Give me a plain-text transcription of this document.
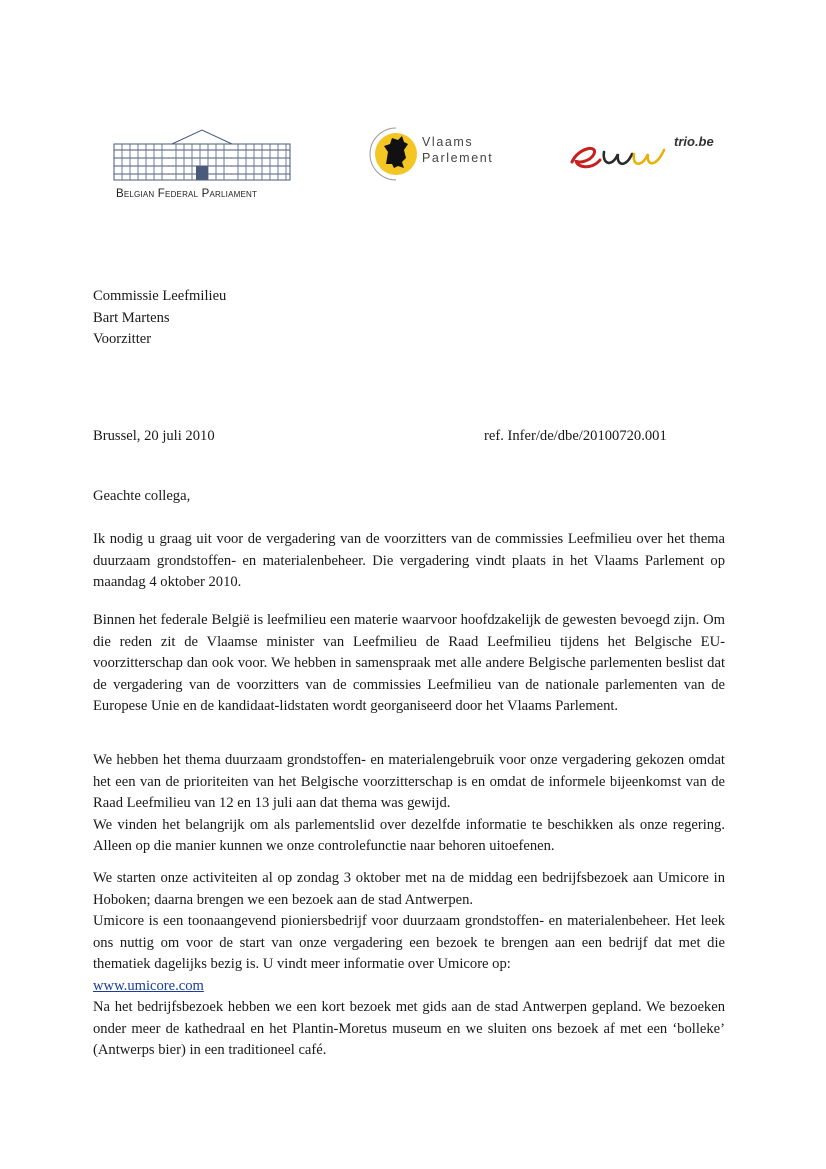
Belgian Federal Parliament
Vlaams
Parlement
trio.be
Commissie Leefmilieu
Bart Martens
Voorzitter
Brussel, 20 juli 2010	ref. Infer/de/dbe/20100720.001
Geachte collega,

Ik nodig u graag uit voor de vergadering van de voorzitters van de commissies Leefmilieu over het thema duurzaam grondstoffen- en materialenbeheer. Die vergadering vindt plaats in het Vlaams Parlement op maandag 4 oktober 2010.

Binnen het federale België is leefmilieu een materie waarvoor hoofdzakelijk de gewesten bevoegd zijn. Om die reden zit de Vlaamse minister van Leefmilieu de Raad Leefmilieu tijdens het Belgische EU-voorzitterschap dan ook voor. We hebben in samenspraak met alle andere Belgische parlementen beslist dat de vergadering van de voorzitters van de commissies Leefmilieu van de nationale parlementen van de Europese Unie en de kandidaat-lidstaten wordt georganiseerd door het Vlaams Parlement.

We hebben het thema duurzaam grondstoffen- en materialengebruik voor onze vergadering gekozen omdat het een van de prioriteiten van het Belgische voorzitterschap is en omdat de informele bijeenkomst van de Raad Leefmilieu van 12 en 13 juli aan dat thema was gewijd.

We vinden het belangrijk om als parlementslid over dezelfde informatie te beschikken als onze regering. Alleen op die manier kunnen we onze controlefunctie naar behoren uitoefenen.

We starten onze activiteiten al op zondag 3 oktober met na de middag een bedrijfsbezoek aan Umicore in Hoboken; daarna brengen we een bezoek aan de stad Antwerpen.

Umicore is een toonaangevend pioniersbedrijf voor duurzaam grondstoffen- en materialenbeheer. Het leek ons nuttig om voor de start van onze vergadering een bezoek te brengen aan een bedrijf dat met die thematiek dagelijks bezig is. U vindt meer informatie over Umicore op:

www.umicore.com

Na het bedrijfsbezoek hebben we een kort bezoek met gids aan de stad Antwerpen gepland. We bezoeken onder meer de kathedraal en het Plantin-Moretus museum en we sluiten ons bezoek af met een ‘bolleke’ (Antwerps bier) in een traditioneel café.
